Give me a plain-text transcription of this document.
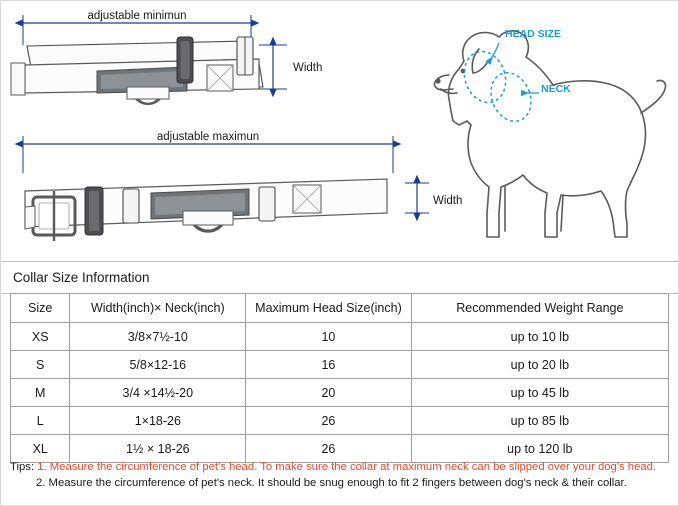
adjustable minimun
adjustable maximun
Width
Width
HEAD SIZE
NECK
Collar Size Information
Size	Width(inch)× Neck(inch)	Maximum Head Size(inch)	Recommended Weight Range
XS	3/8×7½-10	10	up to 10 lb
S	5/8×12-16	16	up to 20 lb
M	3/4 ×14½-20	20	up to 45 lb
L	1×18-26	26	up to 85 lb
XL	1½ × 18-26	26	up to 120 lb
Tips: 1. Measure the circumference of pet's head. To make sure the collar at maximum neck can be slipped over your dog's head.
2. Measure the circumference of pet's neck. It should be snug enough to fit 2 fingers between dog's neck & their collar.
